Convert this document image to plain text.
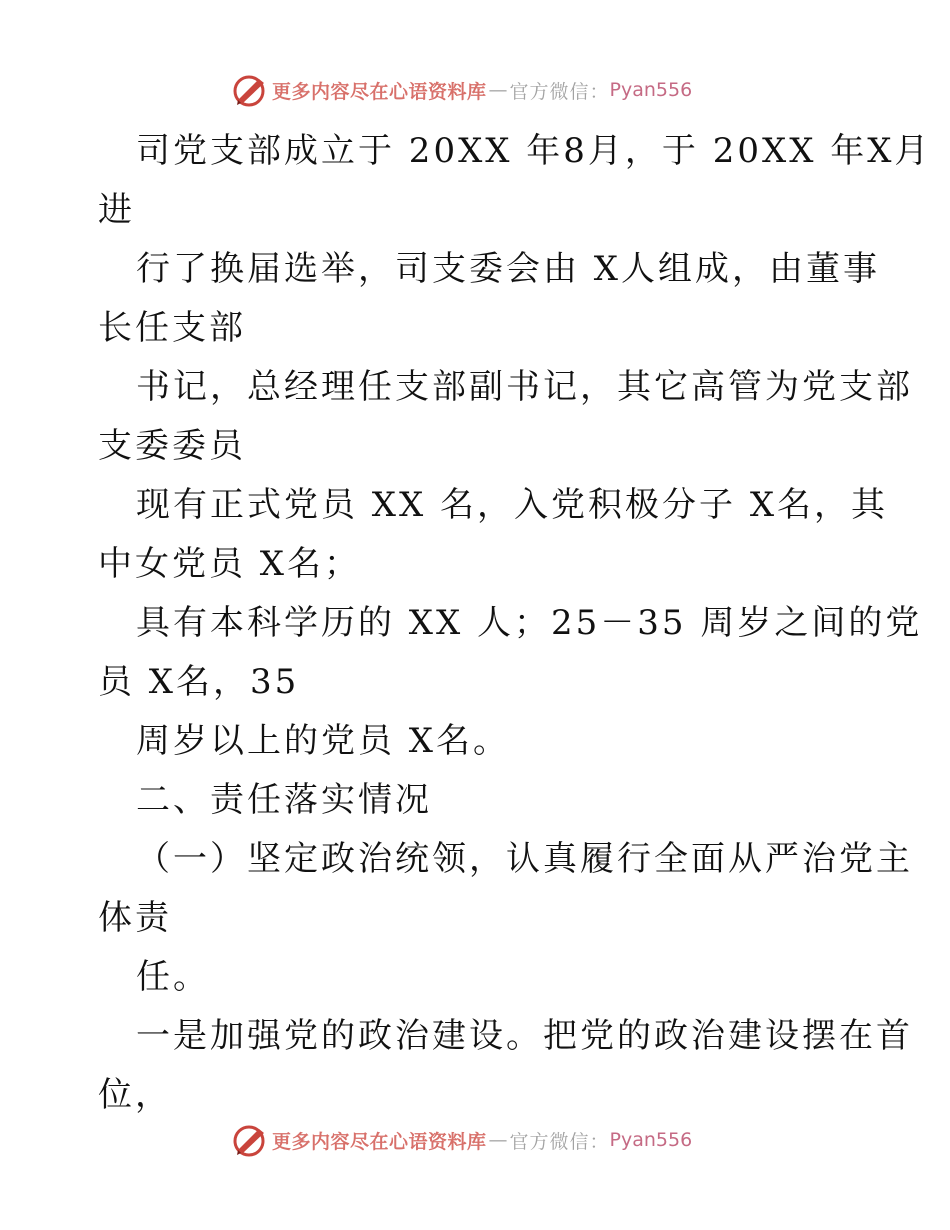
更多内容尽在心语资料库 — 官方微信： Pyan556
司党支部成立于 20XX 年8月，于 20XX 年X月
进
行了换届选举，司支委会由 X人组成，由董事
长任支部
书记，总经理任支部副书记，其它高管为党支部
支委委员
现有正式党员 XX 名，入党积极分子 X名，其
中女党员 X名；
具有本科学历的 XX 人；25－35 周岁之间的党
员 X名，35
周岁以上的党员 X名。
二、责任落实情况
（一）坚定政治统领，认真履行全面从严治党主
体责
任。
一是加强党的政治建设。把党的政治建设摆在首
位，
更多内容尽在心语资料库 — 官方微信： Pyan556
